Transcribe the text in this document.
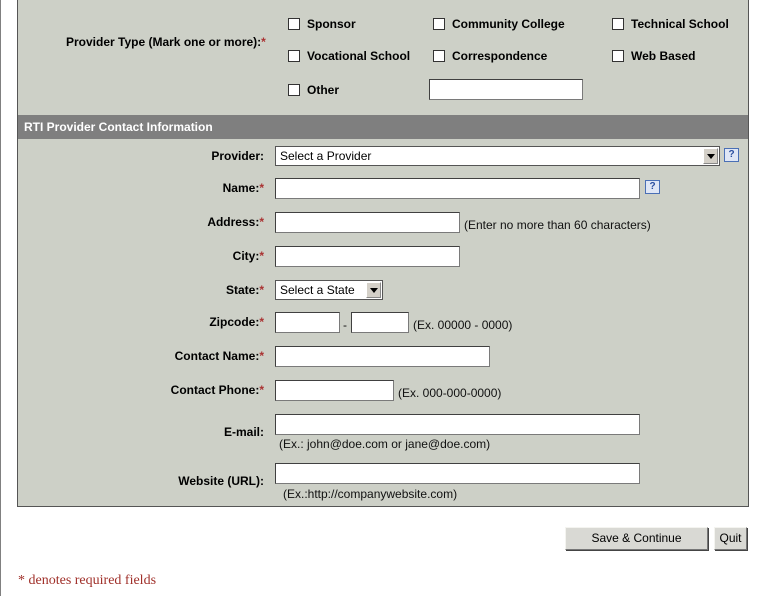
Provider Type (Mark one or more):*
Sponsor	Community College	Technical School
Vocational School	Correspondence	Web Based
Other
RTI Provider Contact Information
Provider:	Select a Provider	?
Name:*	?
Address:*	(Enter no more than 60 characters)
City:*
State:*	Select a State
Zipcode:*	-	(Ex. 00000 - 0000)
Contact Name:*
Contact Phone:*	(Ex. 000-000-0000)
E-mail:
(Ex.: john@doe.com or jane@doe.com)
Website (URL):
(Ex.:http://companywebsite.com)
Save & Continue	Quit
* denotes required fields
